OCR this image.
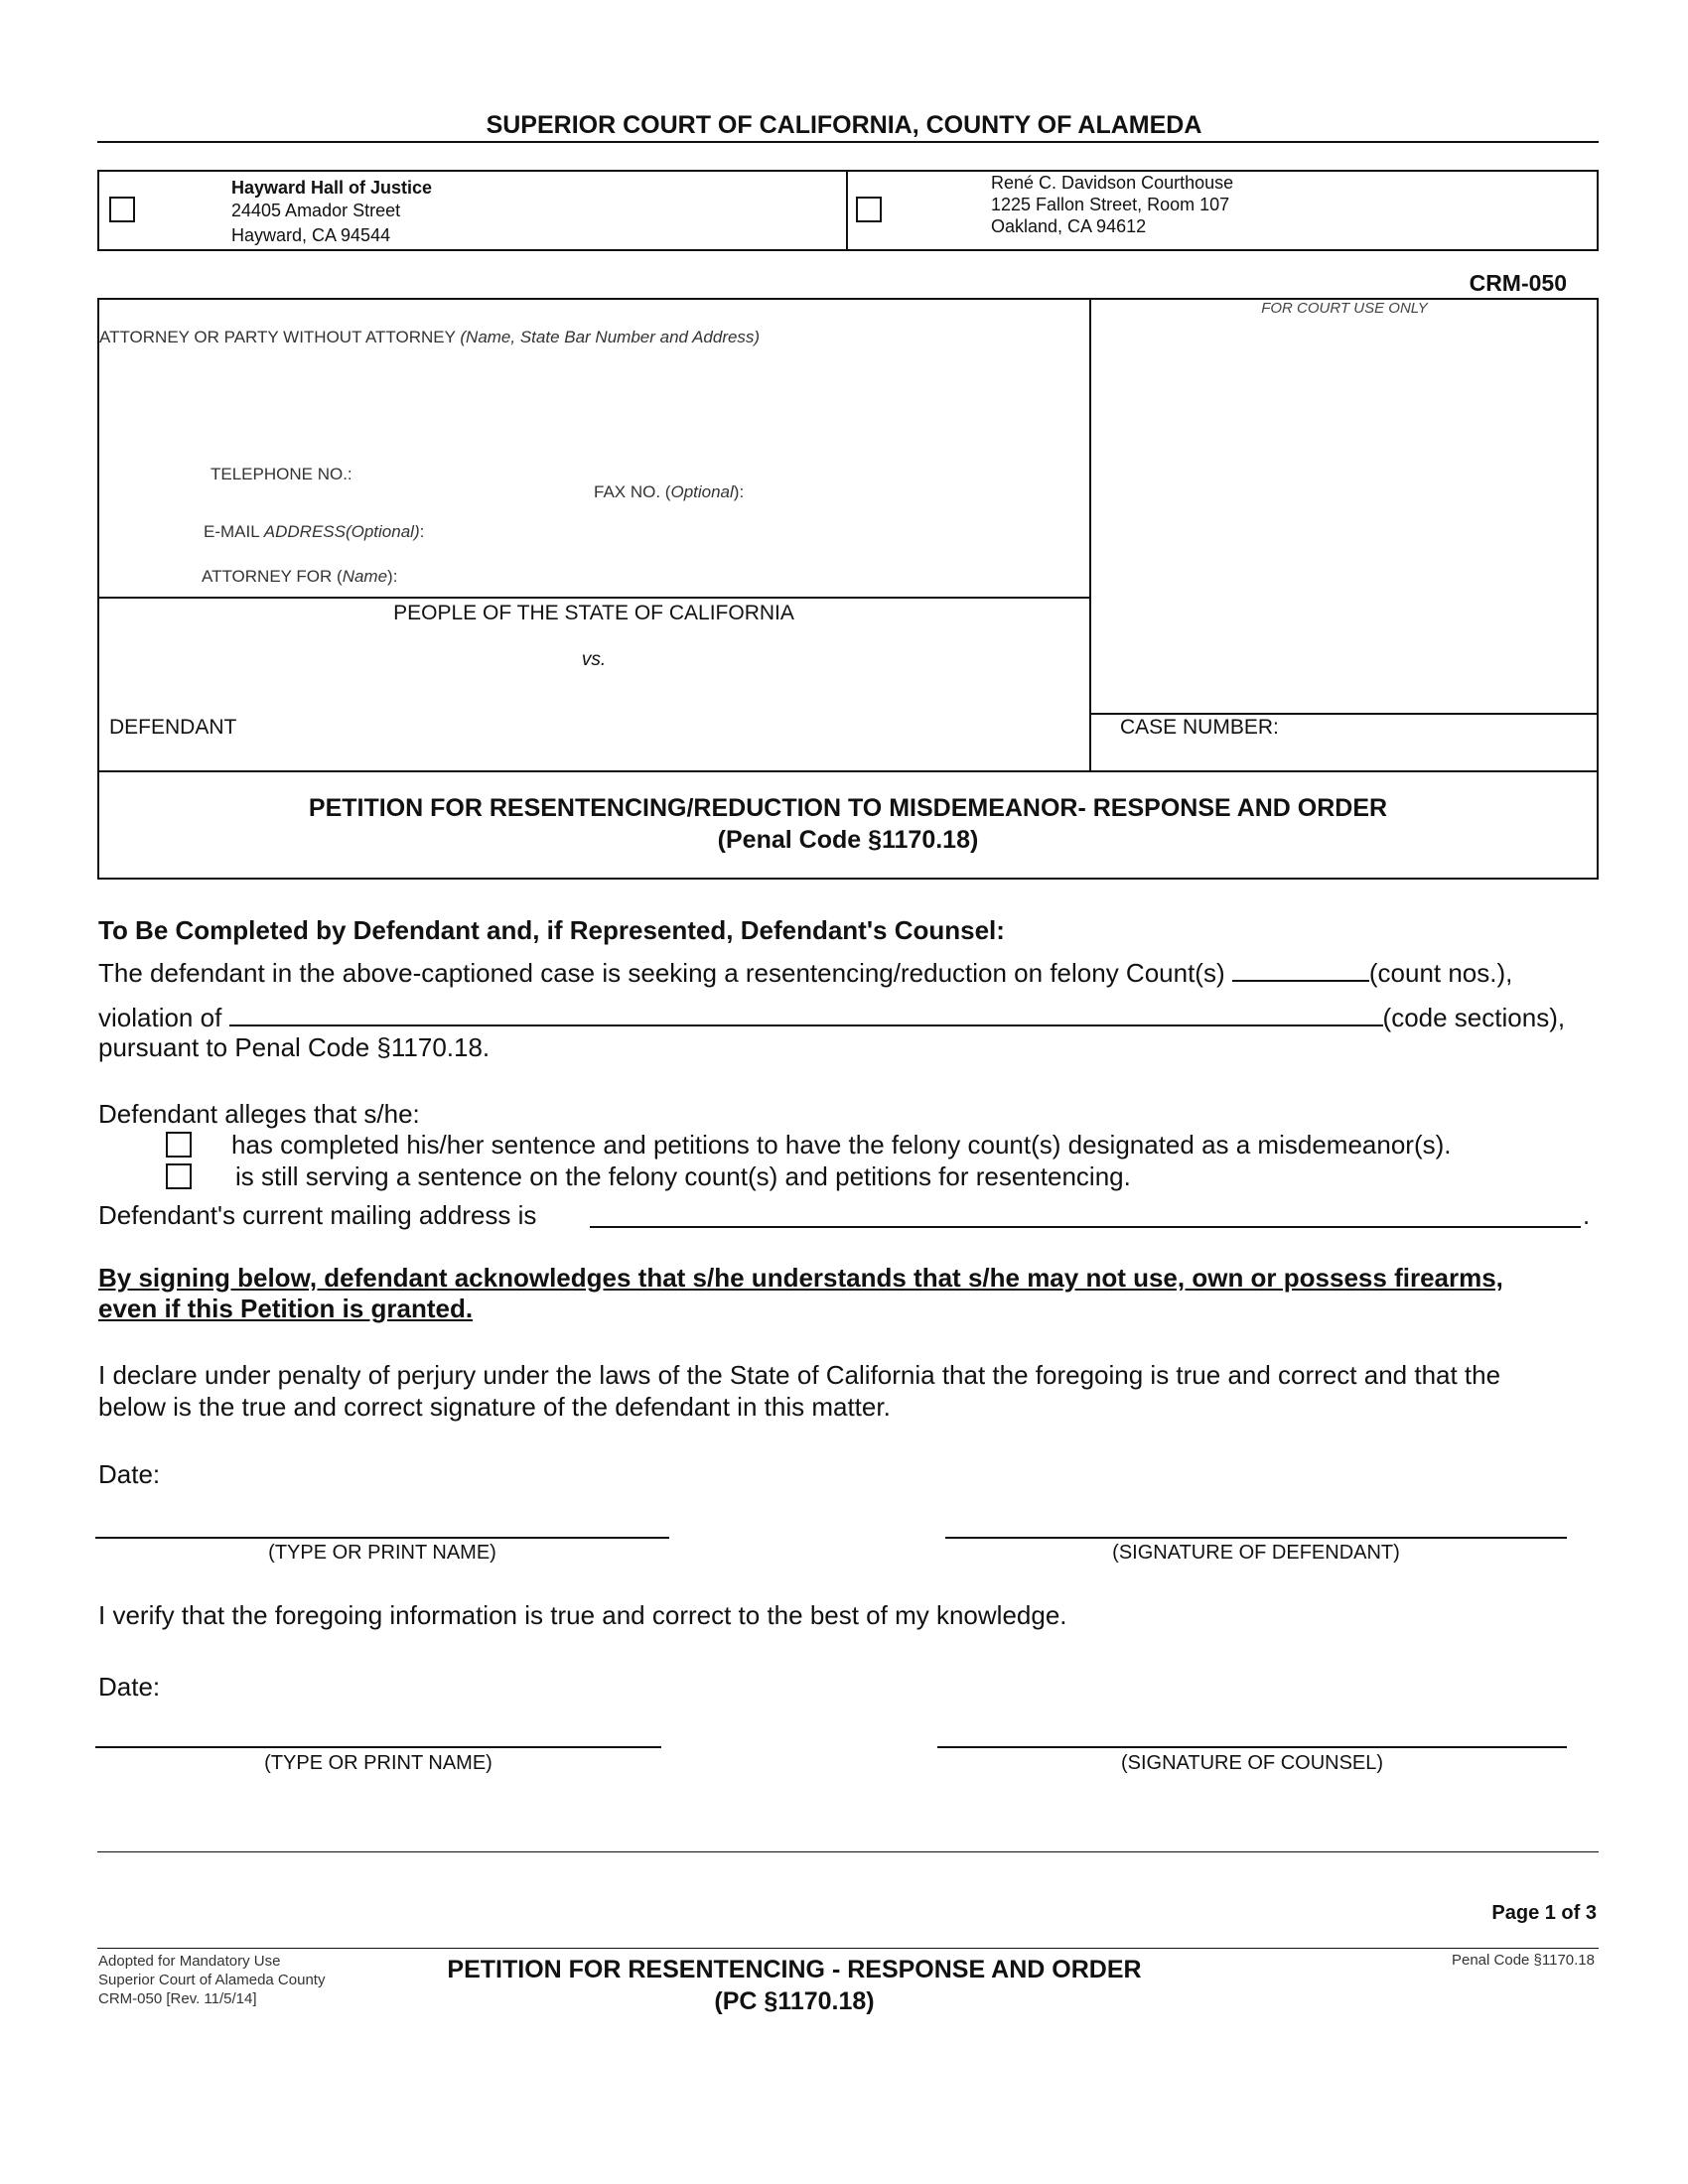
SUPERIOR COURT OF CALIFORNIA, COUNTY OF ALAMEDA
Hayward Hall of Justice
24405 Amador Street
Hayward, CA 94544
René C. Davidson Courthouse
1225 Fallon Street, Room 107
Oakland, CA 94612
CRM-050
ATTORNEY OR PARTY WITHOUT ATTORNEY (Name, State Bar Number and Address)
TELEPHONE NO.:
FAX NO. (Optional):
E-MAIL ADDRESS(Optional):
ATTORNEY FOR (Name):
FOR COURT USE ONLY
PEOPLE OF THE STATE OF CALIFORNIA
vs.
DEFENDANT	CASE NUMBER:
PETITION FOR RESENTENCING/REDUCTION TO MISDEMEANOR- RESPONSE AND ORDER
(Penal Code §1170.18)
To Be Completed by Defendant and, if Represented, Defendant's Counsel:
The defendant in the above-captioned case is seeking a resentencing/reduction on felony Count(s)	(count nos.),
violation of	(code sections),
pursuant to Penal Code §1170.18.
Defendant alleges that s/he:
has completed his/her sentence and petitions to have the felony count(s) designated as a misdemeanor(s).
is still serving a sentence on the felony count(s) and petitions for resentencing.
Defendant's current mailing address is	.
By signing below, defendant acknowledges that s/he understands that s/he may not use, own or possess firearms,
even if this Petition is granted.
I declare under penalty of perjury under the laws of the State of California that the foregoing is true and correct and that the
below is the true and correct signature of the defendant in this matter.
Date:
(TYPE OR PRINT NAME)	(SIGNATURE OF DEFENDANT)
I verify that the foregoing information is true and correct to the best of my knowledge.
Date:
(TYPE OR PRINT NAME)	(SIGNATURE OF COUNSEL)
Page 1 of 3
Adopted for Mandatory Use
Superior Court of Alameda County
CRM-050 [Rev. 11/5/14]
PETITION FOR RESENTENCING - RESPONSE AND ORDER
(PC §1170.18)
Penal Code §1170.18
